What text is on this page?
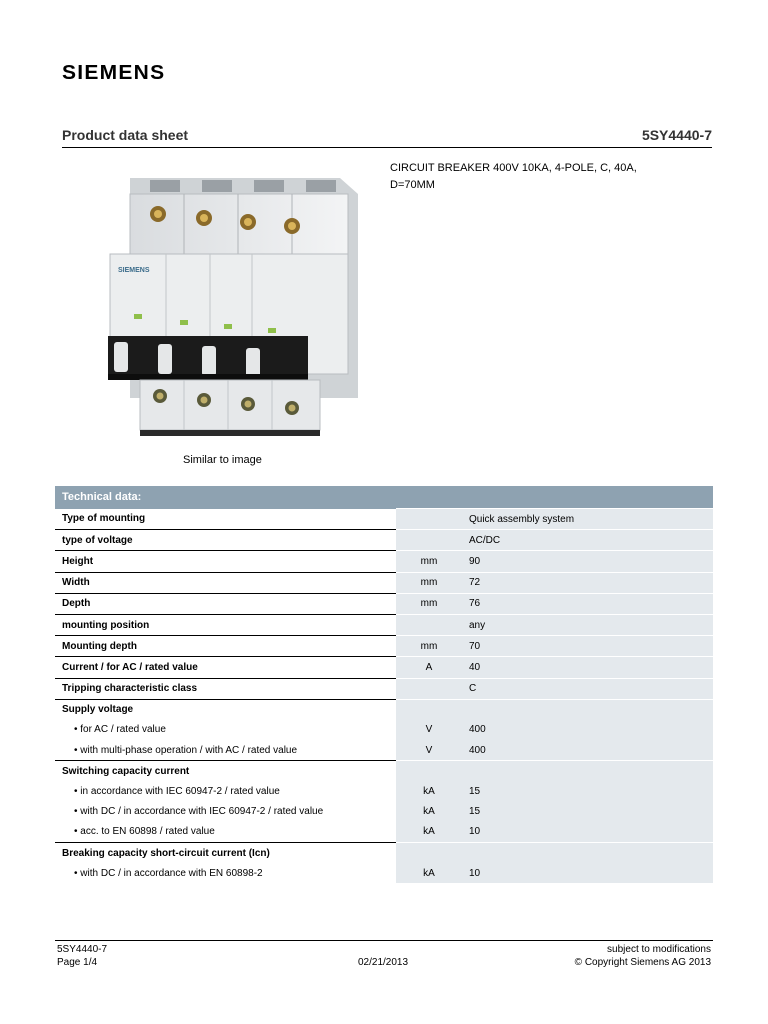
SIEMENS
Product data sheet	5SY4440-7
SIEMENS
Similar to image
CIRCUIT BREAKER 400V 10KA, 4-POLE, C, 40A, D=70MM
Technical data:		
Type of mounting		Quick assembly system
type of voltage		AC/DC
Height	mm	90
Width	mm	72
Depth	mm	76
mounting position		any
Mounting depth	mm	70
Current / for AC / rated value	A	40
Tripping characteristic class		C
Supply voltage		
• for AC / rated value	V	400
• with multi-phase operation / with AC / rated value	V	400
Switching capacity current		
• in accordance with IEC 60947-2 / rated value	kA	15
• with DC / in accordance with IEC 60947-2 / rated value	kA	15
• acc. to EN 60898 / rated value	kA	10
Breaking capacity short-circuit current (Icn)		
• with DC / in accordance with EN 60898-2	kA	10
5SY4440-7
Page 1/4	02/21/2013
subject to modifications
© Copyright Siemens AG 2013
